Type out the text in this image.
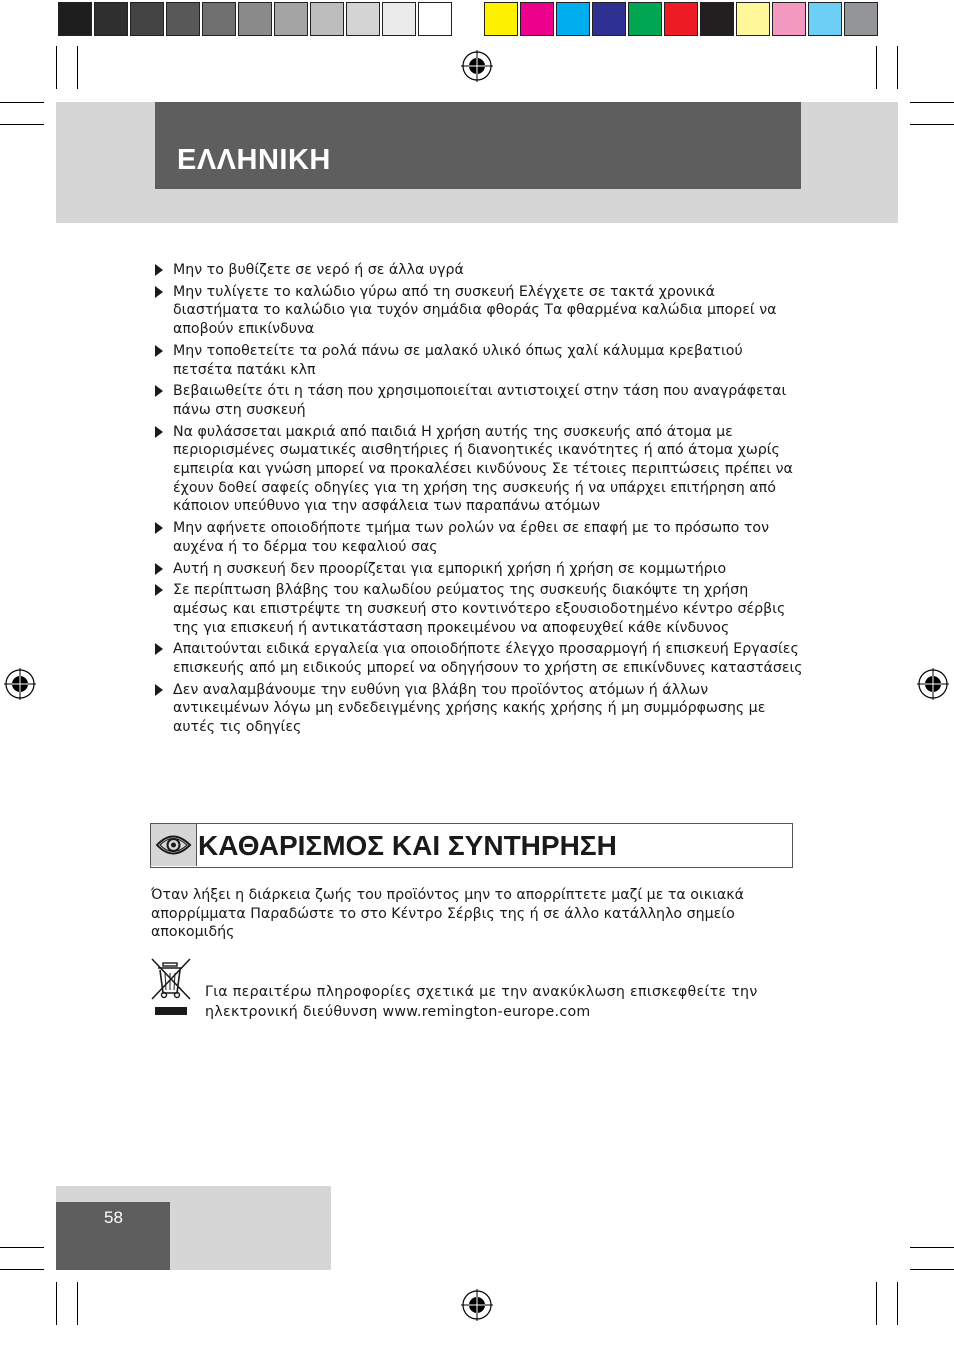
ΕΛΛΗΝΙΚΗ
Μην το βυθίζετε σε νερό ή σε άλλα υγρά
Μην τυλίγετε το καλώδιο γύρω από τη συσκευή Ελέγχετε σε τακτά χρονικά διαστήματα το καλώδιο για τυχόν σημάδια φθοράς Τα φθαρμένα καλώδια μπορεί να αποβούν επικίνδυνα
Μην τοποθετείτε τα ρολά πάνω σε μαλακό υλικό όπως χαλί κάλυμμα κρεβατιού πετσέτα πατάκι κλπ
Βεβαιωθείτε ότι η τάση που χρησιμοποιείται αντιστοιχεί στην τάση που αναγράφεται πάνω στη συσκευή
Να φυλάσσεται μακριά από παιδιά Η χρήση αυτής της συσκευής από άτομα με περιορισμένες σωματικές αισθητήριες ή διανοητικές ικανότητες ή από άτομα χωρίς εμπειρία και γνώση μπορεί να προκαλέσει κινδύνους Σε τέτοιες περιπτώσεις πρέπει να έχουν δοθεί σαφείς οδηγίες για τη χρήση της συσκευής ή να υπάρχει επιτήρηση από κάποιον υπεύθυνο για την ασφάλεια των παραπάνω ατόμων
Μην αφήνετε οποιοδήποτε τμήμα των ρολών να έρθει σε επαφή με το πρόσωπο τον αυχένα ή το δέρμα του κεφαλιού σας
Αυτή η συσκευή δεν προορίζεται για εμπορική χρήση ή χρήση σε κομμωτήριο
Σε περίπτωση βλάβης του καλωδίου ρεύματος της συσκευής διακόψτε τη χρήση αμέσως και επιστρέψτε τη συσκευή στο κοντινότερο εξουσιοδοτημένο κέντρο σέρβις της για επισκευή ή αντικατάσταση προκειμένου να αποφευχθεί κάθε κίνδυνος
Απαιτούνται ειδικά εργαλεία για οποιοδήποτε έλεγχο προσαρμογή ή επισκευή Εργασίες επισκευής από μη ειδικούς μπορεί να οδηγήσουν το χρήστη σε επικίνδυνες καταστάσεις
Δεν αναλαμβάνουμε την ευθύνη για βλάβη του προϊόντος ατόμων ή άλλων αντικειμένων λόγω μη ενδεδειγμένης χρήσης κακής χρήσης ή μη συμμόρφωσης με αυτές τις οδηγίες
ΚΑΘΑΡΙΣΜΟΣ ΚΑΙ ΣΥΝΤΗΡΗΣΗ
Όταν λήξει η διάρκεια ζωής του προϊόντος μην το απορρίπτετε μαζί με τα οικιακά απορρίμματα Παραδώστε το στο Κέντρο Σέρβις της ή σε άλλο κατάλληλο σημείο αποκομιδής
Για περαιτέρω πληροφορίες σχετικά με την ανακύκλωση επισκεφθείτε την ηλεκτρονική διεύθυνση www.remington-europe.com
58
